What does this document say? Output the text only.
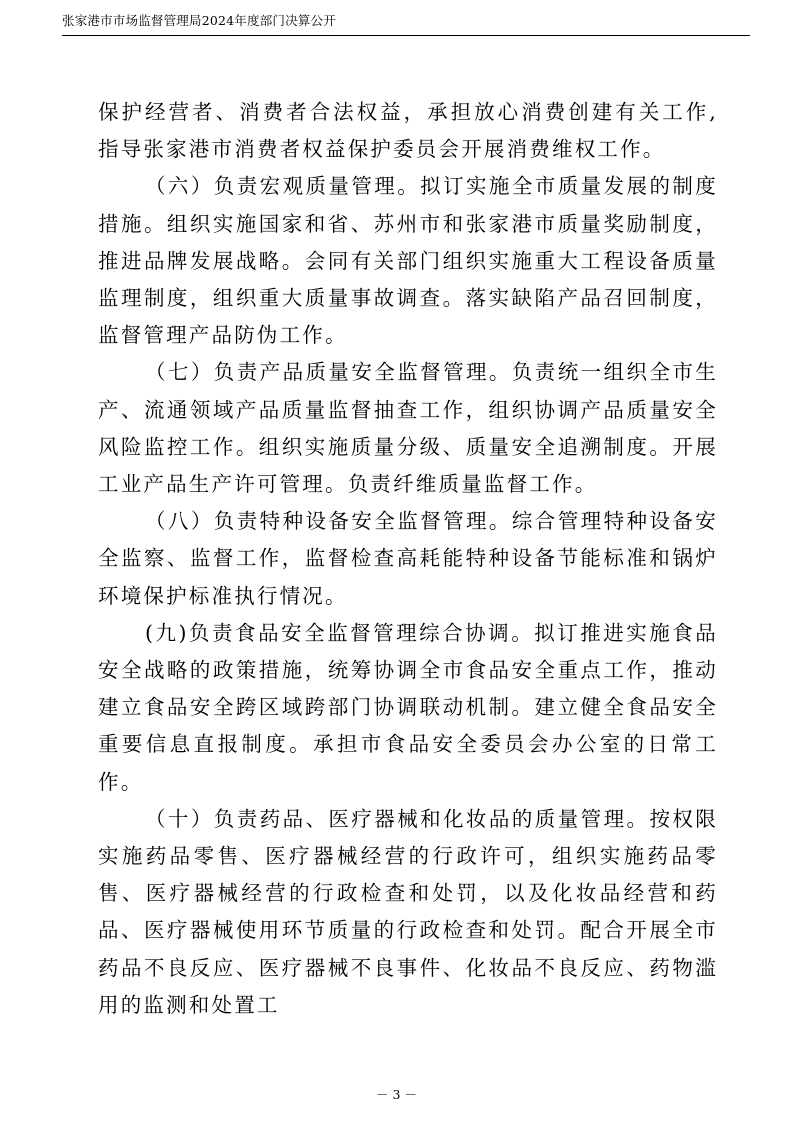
张家港市市场监督管理局2024年度部门决算公开

保护经营者、消费者合法权益，承担放心消费创建有关工作,指导张家港市消费者权益保护委员会开展消费维权工作。

（六）负责宏观质量管理。拟订实施全市质量发展的制度措施。组织实施国家和省、苏州市和张家港市质量奖励制度，推进品牌发展战略。会同有关部门组织实施重大工程设备质量监理制度，组织重大质量事故调查。落实缺陷产品召回制度，监督管理产品防伪工作。

（七）负责产品质量安全监督管理。负责统一组织全市生产、流通领域产品质量监督抽查工作，组织协调产品质量安全风险监控工作。组织实施质量分级、质量安全追溯制度。开展工业产品生产许可管理。负责纤维质量监督工作。

（八）负责特种设备安全监督管理。综合管理特种设备安全监察、监督工作，监督检查高耗能特种设备节能标准和锅炉环境保护标准执行情况。

(九)负责食品安全监督管理综合协调。拟订推进实施食品安全战略的政策措施，统筹协调全市食品安全重点工作，推动建立食品安全跨区域跨部门协调联动机制。建立健全食品安全重要信息直报制度。承担市食品安全委员会办公室的日常工作。

（十）负责药品、医疗器械和化妆品的质量管理。按权限实施药品零售、医疗器械经营的行政许可，组织实施药品零售、医疗器械经营的行政检查和处罚，以及化妆品经营和药品、医疗器械使用环节质量的行政检查和处罚。配合开展全市药品不良反应、医疗器械不良事件、化妆品不良反应、药物滥用的监测和处置工

－ 3 －
